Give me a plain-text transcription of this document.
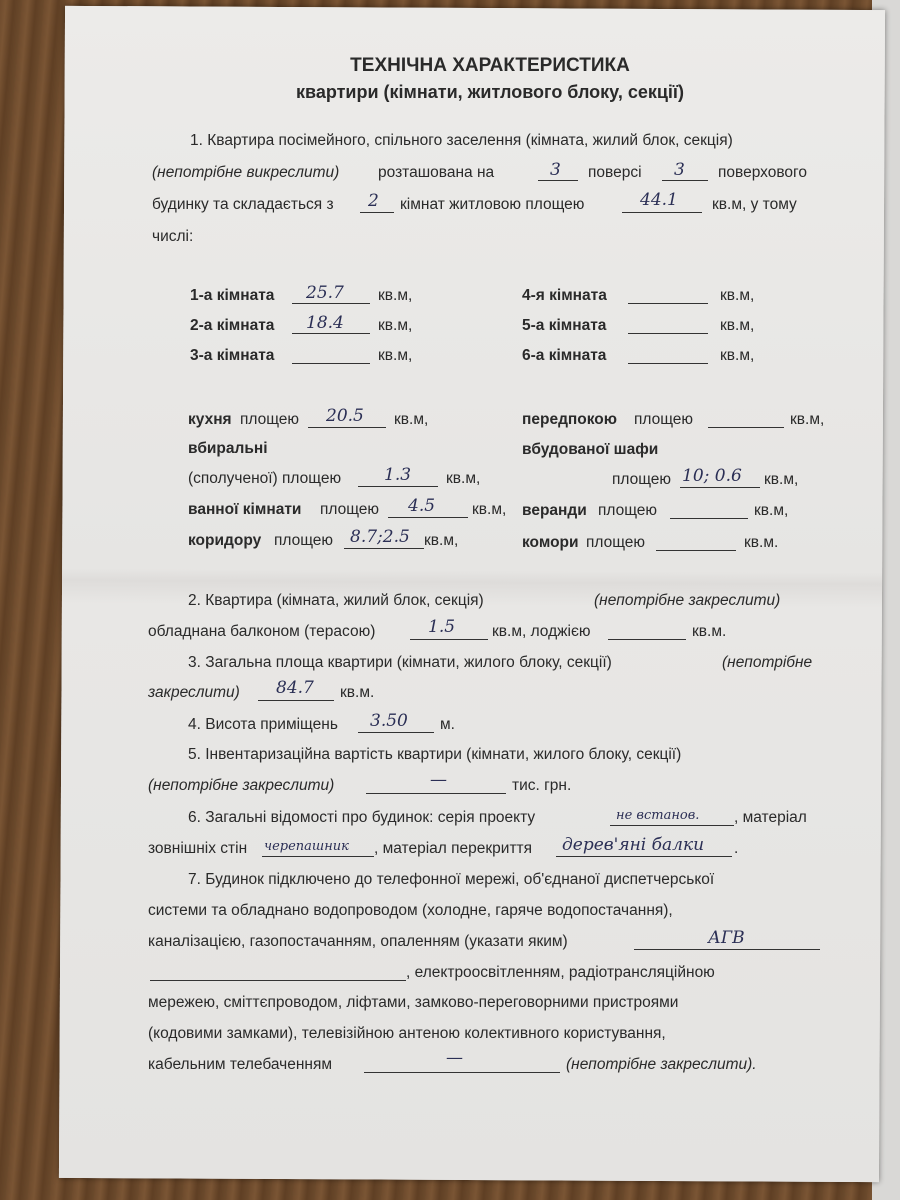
ТЕХНІЧНА ХАРАКТЕРИСТИКА
квартири (кімнати, житлового блоку, секції)
1. Квартира посімейного, спільного заселення (кімната, жилий блок, секція)
(непотрібне викреслити) розташована на	3 поверсі 3 поверхового
будинку та складається з 2 кімнат житловою площею	44.1 кв.м, у тому
числі:
1-а кімната 25.7 кв.м,
2-а кімната 18.4 кв.м,
3-а кімната	кв.м,
4-я кімната	кв.м,
5-а кімната	кв.м,
6-а кімната	кв.м,
кухня площею 20.5 кв.м,
вбиральні
(сполученої) площею	1.3 кв.м,
ванної кімнати площею 4.5 кв.м,
коридору площею 8.7;2.5 кв.м,
передпокою площею	кв.м,
вбудованої шафи
площею 10; 0.6 кв.м,
веранди площею	кв.м,
комори площею	кв.м.
2. Квартира (кімната, жилий блок, секція)	(непотрібне закреслити)
обладнана балконом (терасою)	1.5 кв.м, лоджією	кв.м.
3. Загальна площа квартири (кімнати, жилого блоку, секції)	(непотрібне
закреслити) 84.7 кв.м.
4. Висота приміщень 3.50 м.
5. Інвентаризаційна вартість квартири (кімнати, жилого блоку, секції)
(непотрібне закреслити)	—	тис. грн.
6. Загальні відомості про будинок: серія проекту	не встанов. , матеріал
зовнішніх стін черепашник , матеріал перекриття дерев'яні балки .
7. Будинок підключено до телефонної мережі, об'єднаної диспетчерської
системи та обладнано водопроводом (холодне, гаряче водопостачання),
каналізацією, газопостачанням, опаленням (указати яким)	АГВ
, електроосвітленням, радіотрансляційною
мережею, сміттєпроводом, ліфтами, замково-переговорними пристроями
(кодовими замками), телевізійною антеною колективного користування,
кабельним телебаченням	—	(непотрібне закреслити).
